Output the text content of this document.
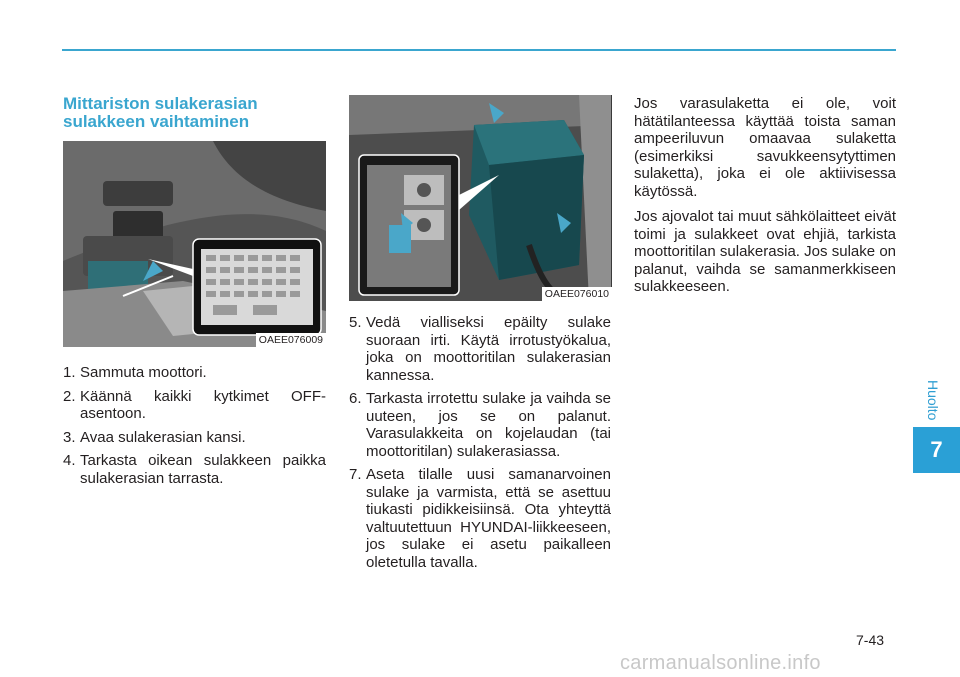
Huolto
7
Mittariston sulakerasian sulakkeen vaihtaminen
OAEE076009
1. Sammuta moottori.
2. Käännä kaikki kytkimet OFF-asentoon.
3. Avaa sulakerasian kansi.
4. Tarkasta oikean sulakkeen paikka sulakerasian tarrasta.
OAEE076010
5. Vedä vialliseksi epäilty sulake suoraan irti. Käytä irrotustyökalua, joka on moottoritilan sulakerasian kannessa.
6. Tarkasta irrotettu sulake ja vaihda se uuteen, jos se on palanut. Varasulakkeita on kojelaudan (tai moottoritilan) sulakerasiassa.
7. Aseta tilalle uusi samanarvoinen sulake ja varmista, että se asettuu tiukasti pidikkeisiinsä. Ota yhteyttä valtuutettuun HYUNDAI-liikkeeseen, jos sulake ei asetu paikalleen oletetulla tavalla.

Jos varasulaketta ei ole, voit hätätilanteessa käyttää toista saman ampeeriluvun omaavaa sulaketta (esimerkiksi savukkeensytyttimen sulaketta), joka ei ole aktiivisessa käytössä.

Jos ajovalot tai muut sähkölaitteet eivät toimi ja sulakkeet ovat ehjiä, tarkista moottoritilan sulakerasia. Jos sulake on palanut, vaihda se samanmerkkiseen sulakkeeseen.

7-43
carmanualsonline.info
